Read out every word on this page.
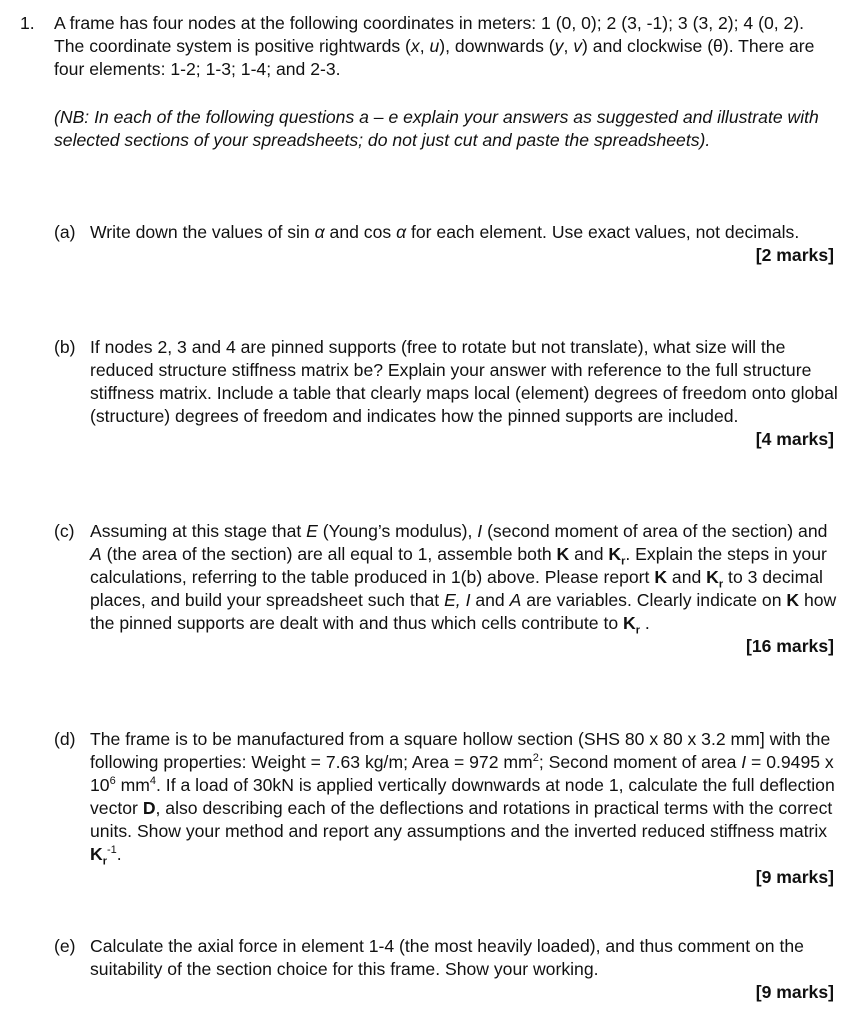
1. A frame has four nodes at the following coordinates in meters: 1 (0, 0); 2 (3, -1); 3 (3, 2); 4 (0, 2). The coordinate system is positive rightwards (x, u), downwards (y, v) and clockwise (θ). There are four elements: 1-2; 1-3; 1-4; and 2-3.

(NB: In each of the following questions a – e explain your answers as suggested and illustrate with selected sections of your spreadsheets; do not just cut and paste the spreadsheets).

(a) Write down the values of sin α and cos α for each element. Use exact values, not decimals.
[2 marks]
(b) If nodes 2, 3 and 4 are pinned supports (free to rotate but not translate), what size will the reduced structure stiffness matrix be? Explain your answer with reference to the full structure stiffness matrix. Include a table that clearly maps local (element) degrees of freedom onto global (structure) degrees of freedom and indicates how the pinned supports are included.
[4 marks]
(c) Assuming at this stage that E (Young’s modulus), I (second moment of area of the section) and A (the area of the section) are all equal to 1, assemble both K and $K_r$. Explain the steps in your calculations, referring to the table produced in 1(b) above. Please report K and $K_r$ to 3 decimal places, and build your spreadsheet such that E, I and A are variables. Clearly indicate on K how the pinned supports are dealt with and thus which cells contribute to $K_r$ .
[16 marks]
(d) The frame is to be manufactured from a square hollow section (SHS 80 x 80 x 3.2 mm] with the following properties: Weight = 7.63 kg/m; Area = 972 $mm^2$; Second moment of area I = 0.9495 x $10^6$ $mm^4$. If a load of 30kN is applied vertically downwards at node 1, calculate the full deflection vector D, also describing each of the deflections and rotations in practical terms with the correct units. Show your method and report any assumptions and the inverted reduced stiffness matrix $K_r^{-1}$.
[9 marks]
(e) Calculate the axial force in element 1-4 (the most heavily loaded), and thus comment on the suitability of the section choice for this frame. Show your working.
[9 marks]
